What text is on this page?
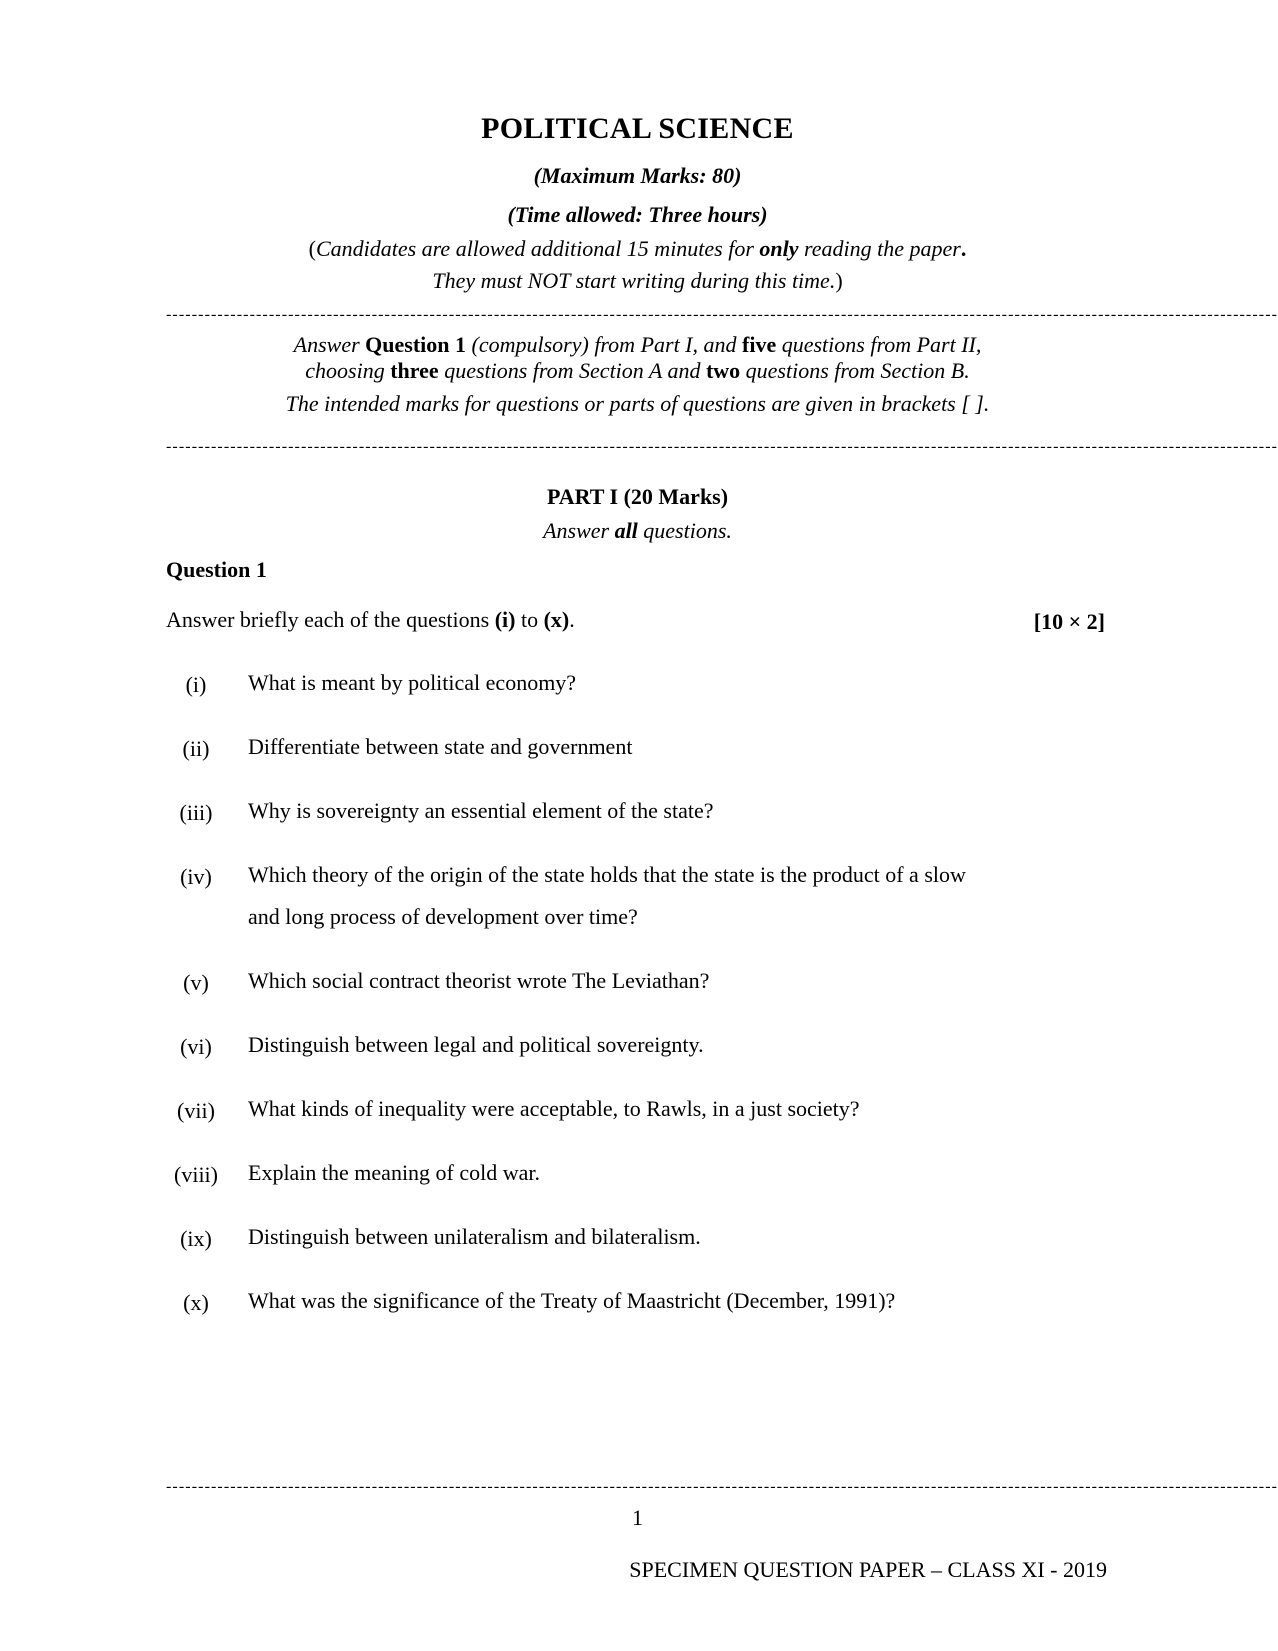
POLITICAL SCIENCE
(Maximum Marks: 80)
(Time allowed: Three hours)
(Candidates are allowed additional 15 minutes for only reading the paper.
They must NOT start writing during this time.)
-----------------------------------------------------------------------------------------------------------------------------------------------------------------------------
Answer Question 1 (compulsory) from Part I, and five questions from Part II,
choosing three questions from Section A and two questions from Section B.
The intended marks for questions or parts of questions are given in brackets [ ].
-----------------------------------------------------------------------------------------------------------------------------------------------------------------------------
PART I (20 Marks)
Answer all questions.
Question 1
Answer briefly each of the questions (i) to (x).	[10 × 2]
(i)	What is meant by political economy?
(ii)	Differentiate between state and government
(iii)	Why is sovereignty an essential element of the state?
(iv)	Which theory of the origin of the state holds that the state is the product of a slow and long process of development over time?
(v)	Which social contract theorist wrote The Leviathan?
(vi)	Distinguish between legal and political sovereignty.
(vii)	What kinds of inequality were acceptable, to Rawls, in a just society?
(viii)	Explain the meaning of cold war.
(ix)	Distinguish between unilateralism and bilateralism.
(x)	What was the significance of the Treaty of Maastricht (December, 1991)?
-----------------------------------------------------------------------------------------------------------------------------------------------------------------------------
1
SPECIMEN QUESTION PAPER – CLASS XI - 2019
